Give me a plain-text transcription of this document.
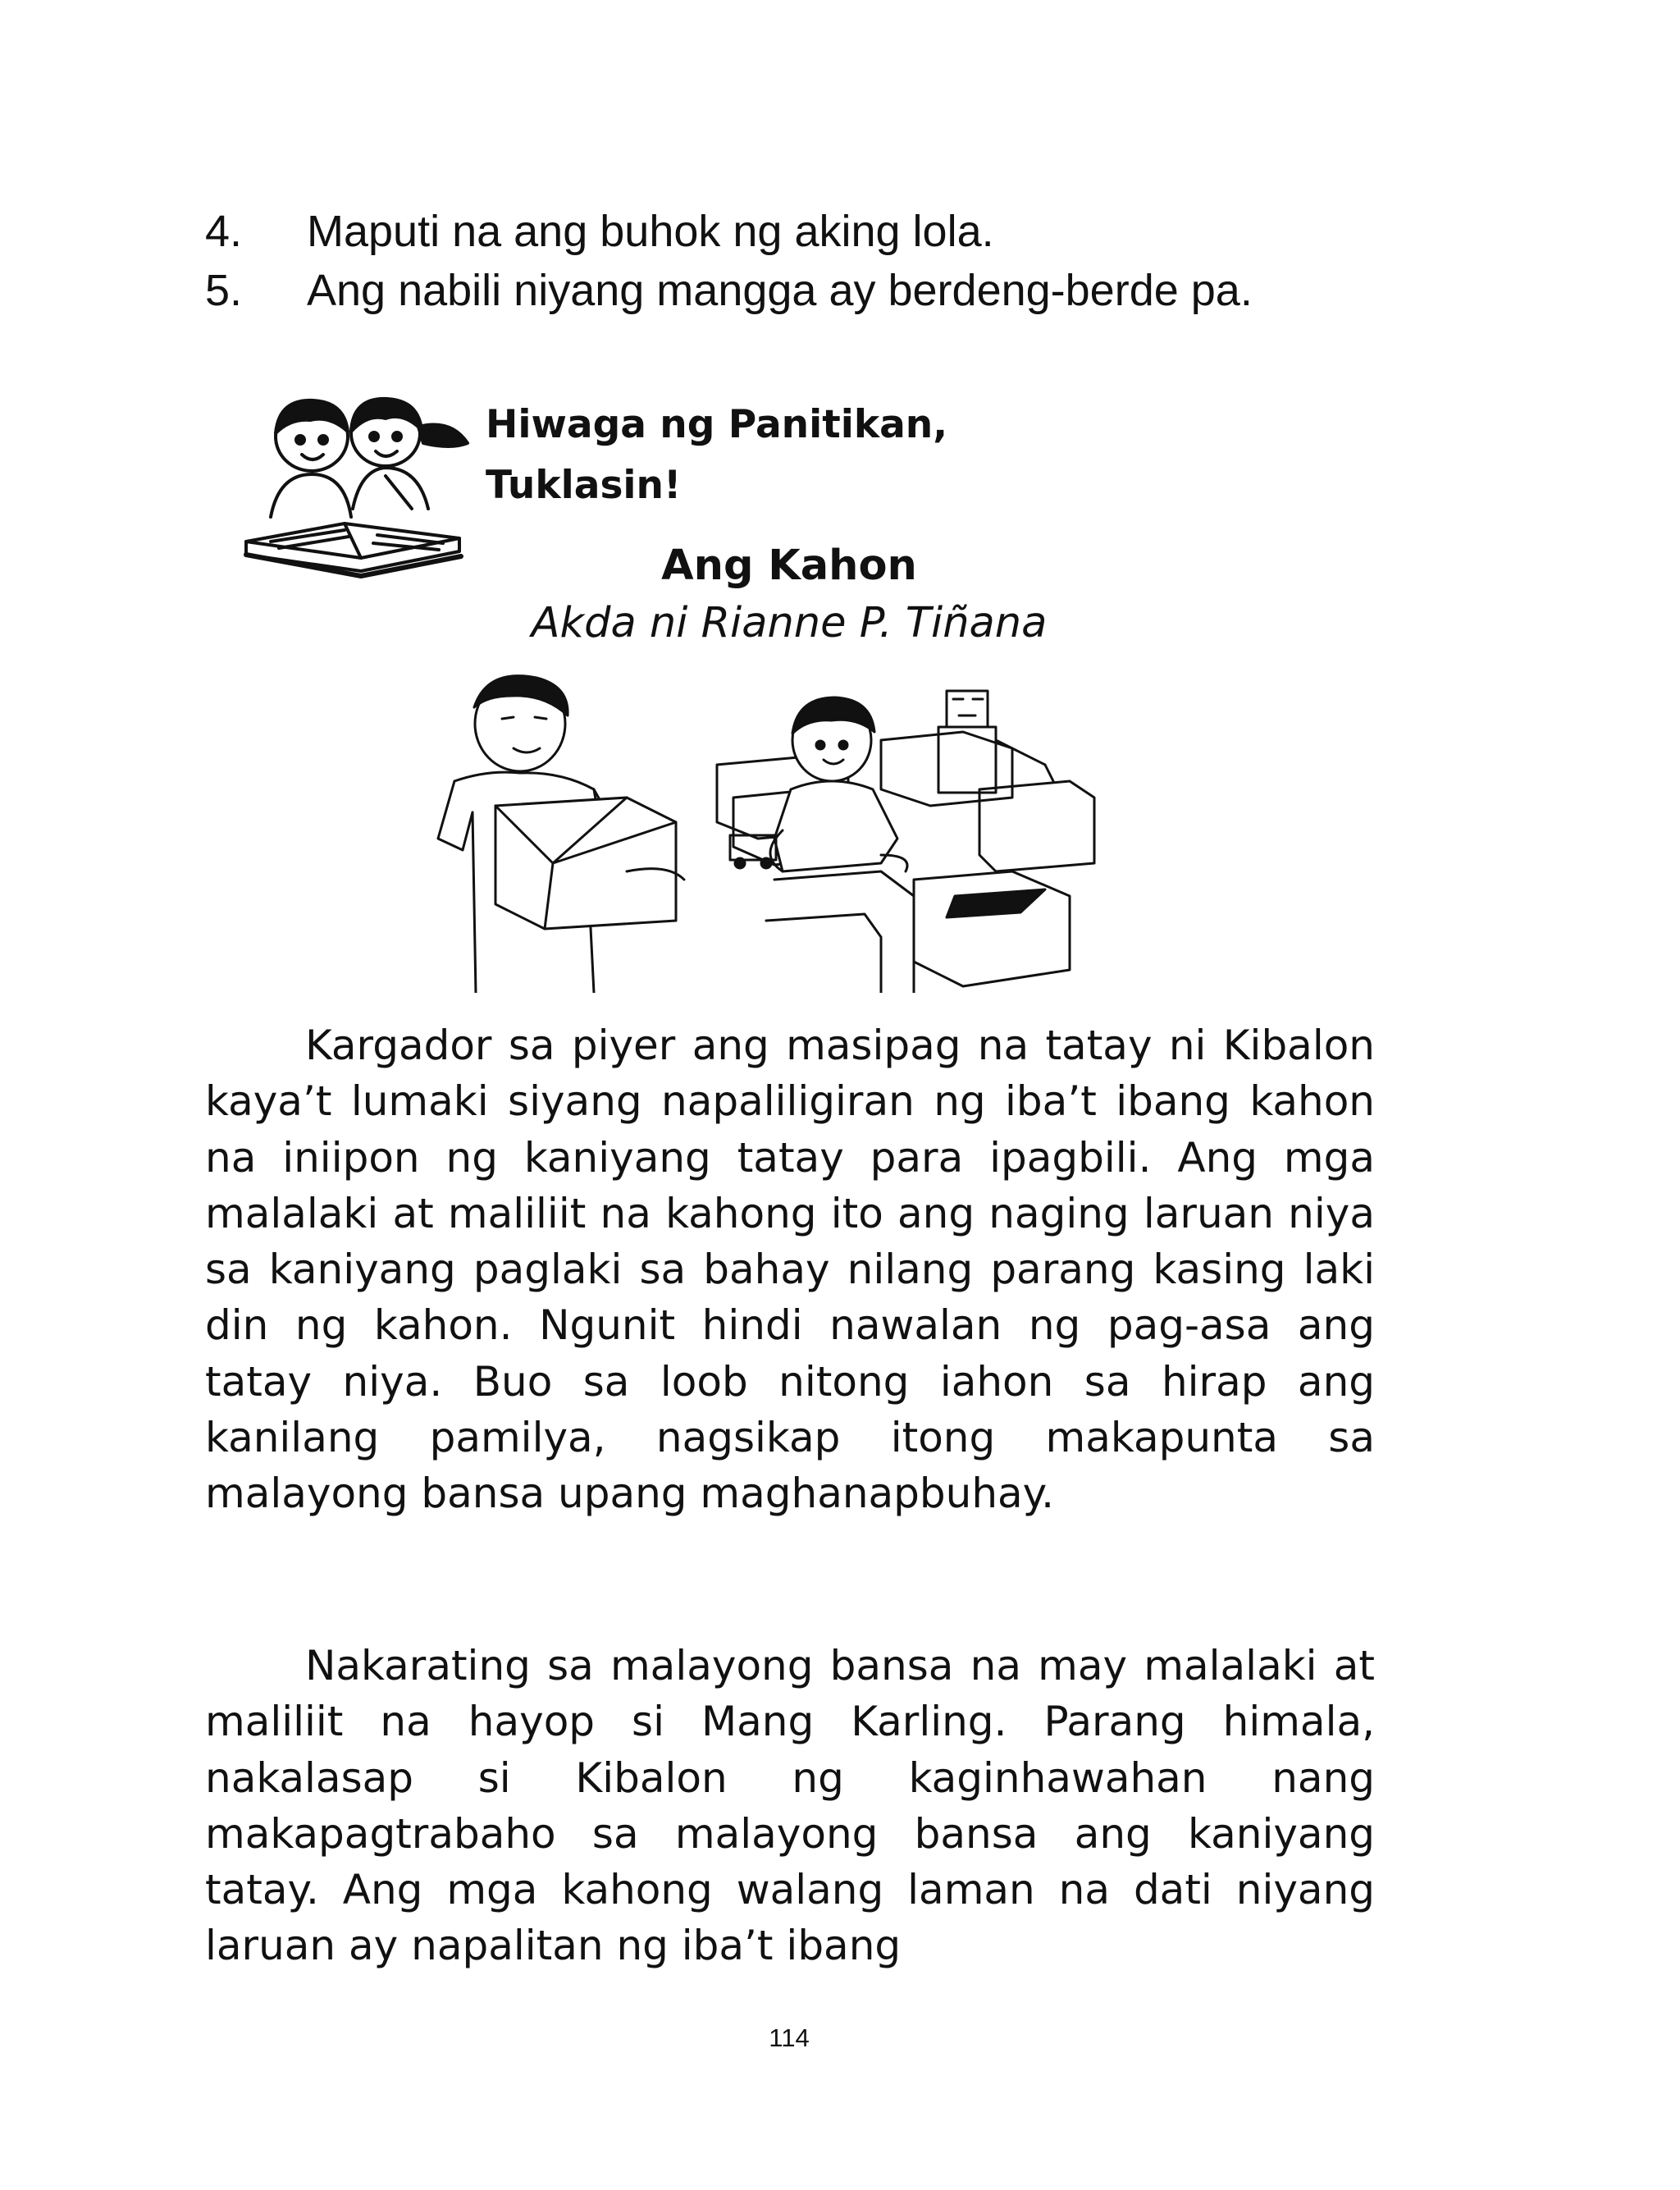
4. Maputi na ang buhok ng aking lola.
5. Ang nabili niyang mangga ay berdeng-berde pa.
Hiwaga ng Panitikan,
Tuklasin!
Ang Kahon
Akda ni Rianne P. Tiñana

Kargador sa piyer ang masipag na tatay ni Kibalon kaya’t lumaki siyang napaliligiran ng iba’t ibang kahon na iniipon ng kaniyang tatay para ipagbili. Ang mga malalaki at maliliit na kahong ito ang naging laruan niya sa kaniyang paglaki sa bahay nilang parang kasing laki din ng kahon. Ngunit hindi nawalan ng pag-asa ang tatay niya. Buo sa loob nitong iahon sa hirap ang kanilang pamilya, nagsikap itong makapunta sa malayong bansa upang maghanapbuhay.

Nakarating sa malayong bansa na may malalaki at maliliit na hayop si Mang Karling. Parang himala, nakalasap si Kibalon ng kaginhawahan nang makapagtrabaho sa malayong bansa ang kaniyang tatay. Ang mga kahong walang laman na dati niyang laruan ay napalitan ng iba’t ibang

114
